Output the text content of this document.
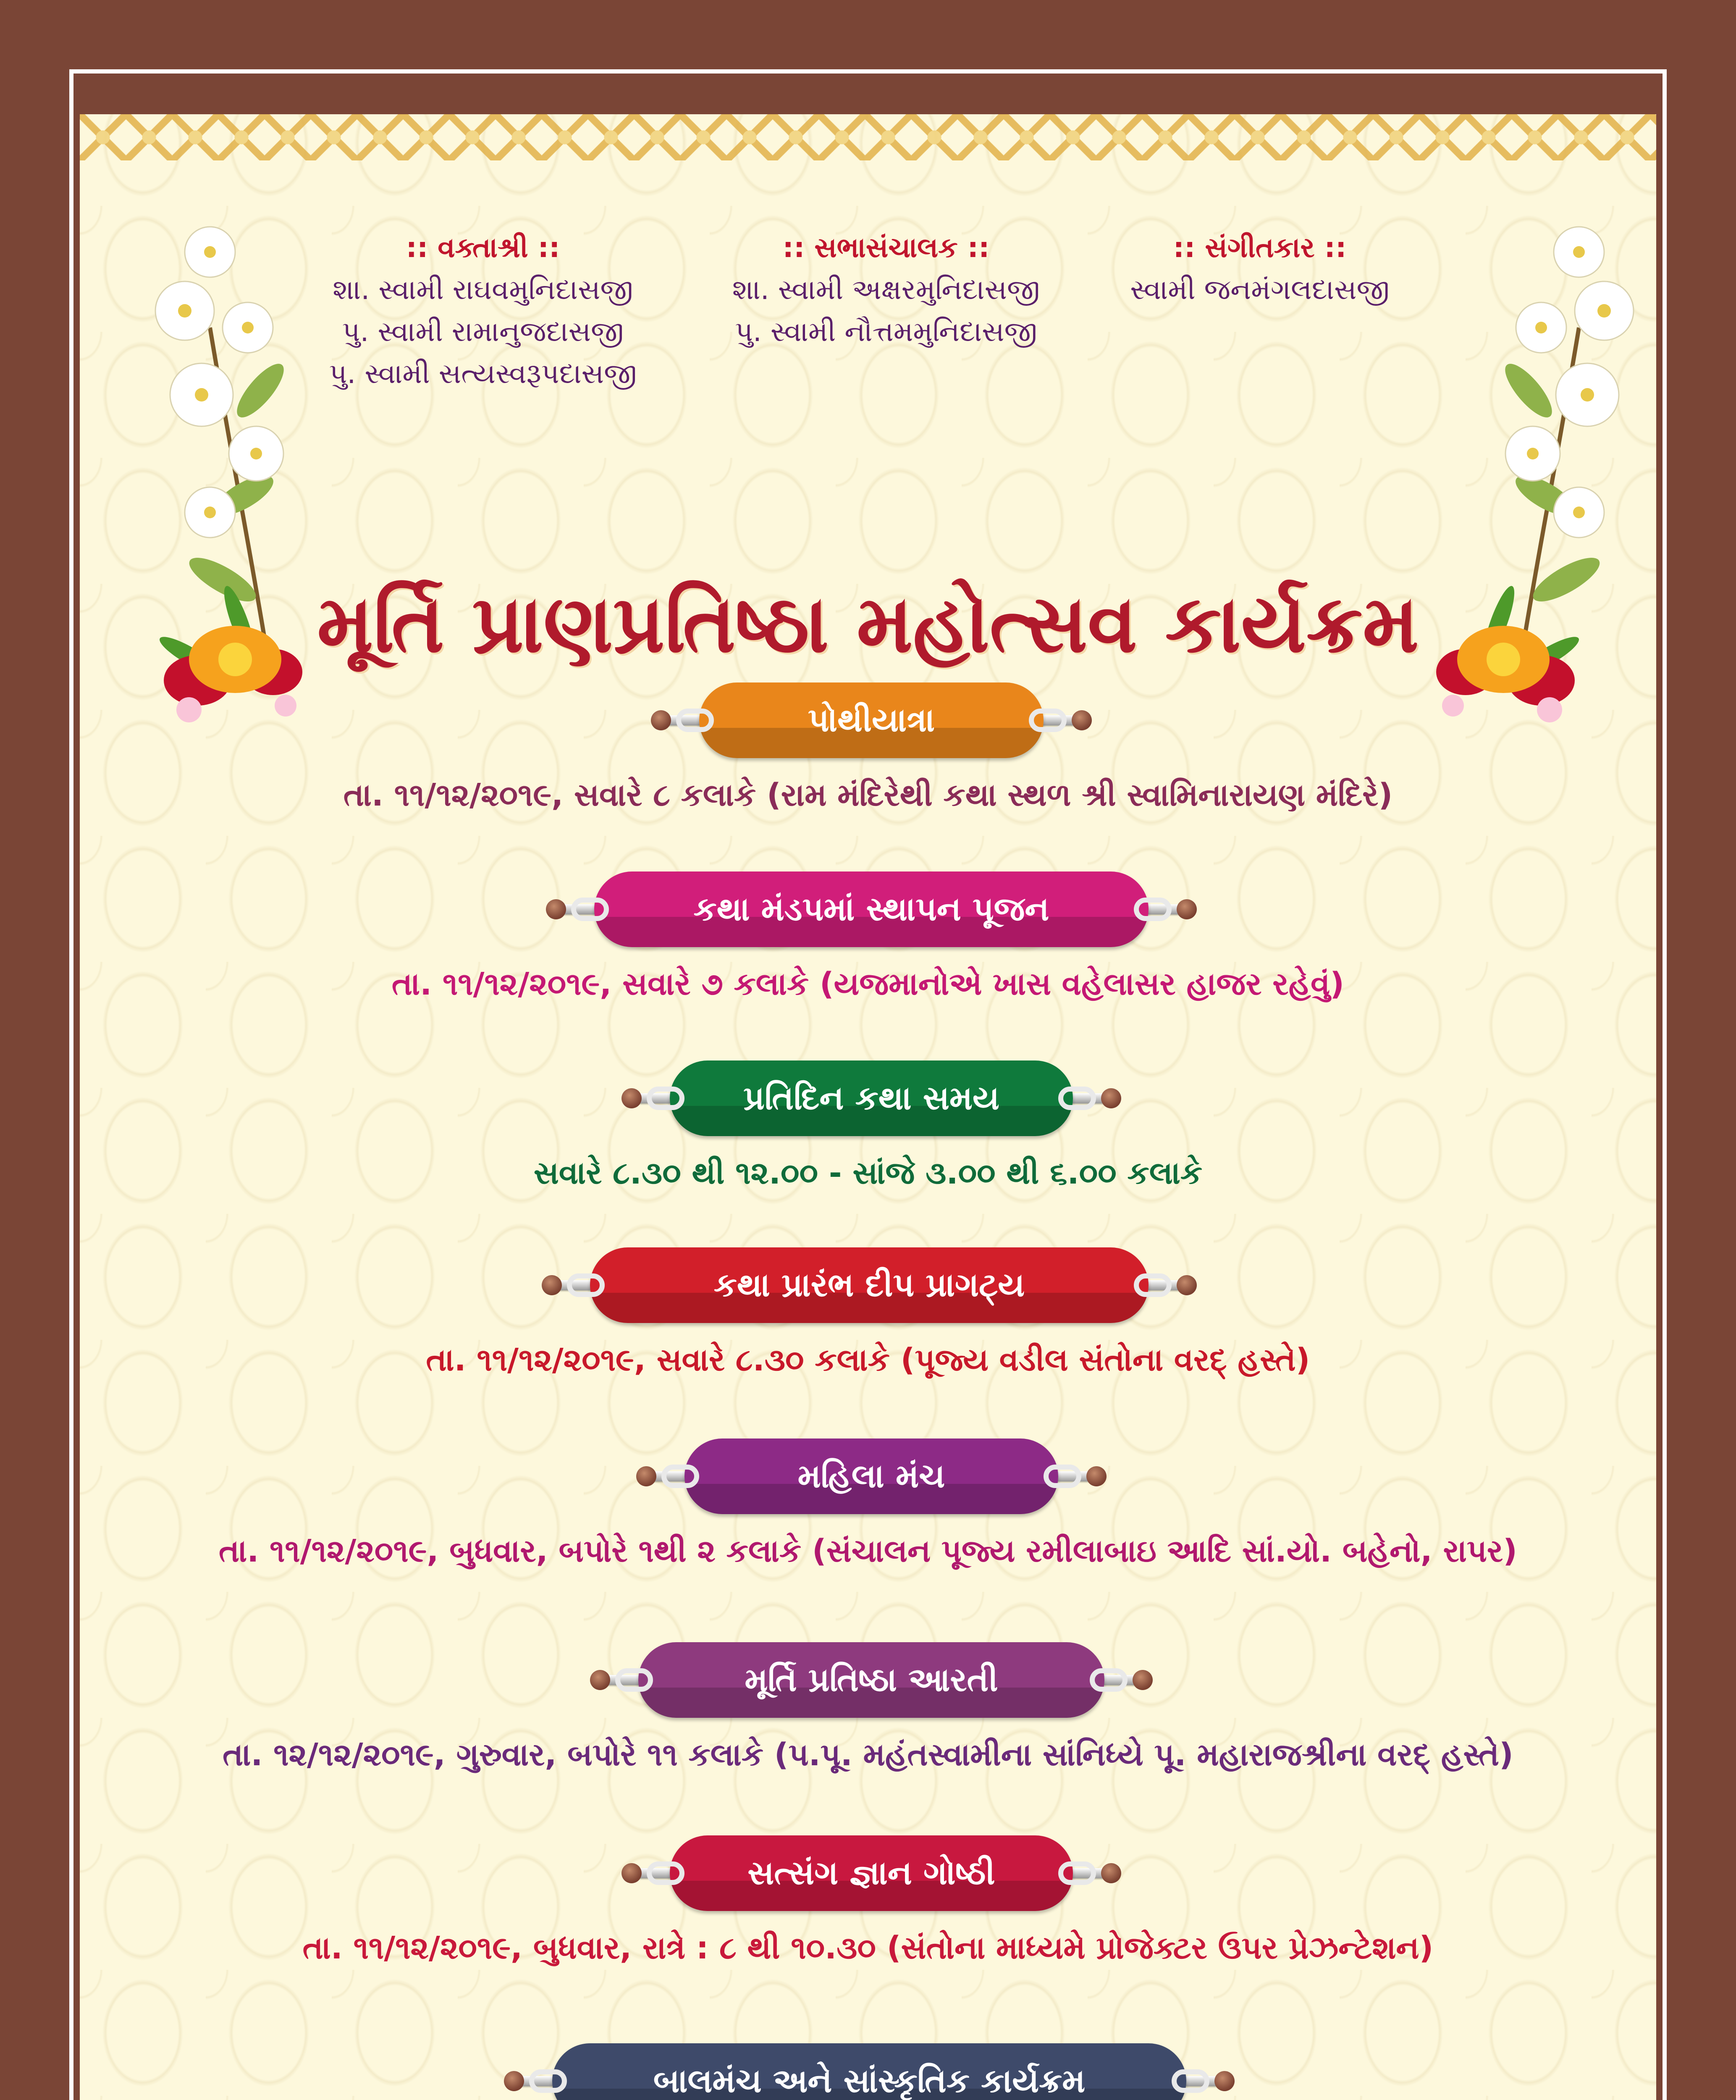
:: વક્તાશ્રી ::
શા. સ્વામી રાઘવમુનિદાસજી
પુ. સ્વામી રામાનુજદાસજી
પુ. સ્વામી સત્યસ્વરૂપદાસજી
:: સભાસંચાલક ::
શા. સ્વામી અક્ષરમુનિદાસજી
પુ. સ્વામી નૌત્તમમુનિદાસજી
:: સંગીતકાર ::
સ્વામી જનમંગલદાસજી
મૂર્તિ પ્રાણપ્રતિષ્ઠા મહોત્સવ કાર્યક્રમ
પોથીયાત્રા
તા. ૧૧/૧૨/૨૦૧૯, સવારે ૮ કલાકે (રામ મંદિરેથી કથા સ્થળ શ્રી સ્વામિનારાયણ મંદિરે)
કથા મંડપમાં સ્થાપન પૂજન
તા. ૧૧/૧૨/૨૦૧૯, સવારે ૭ કલાકે (યજમાનોએ ખાસ વહેલાસર હાજર રહેવું)
પ્રતિદિન કથા સમય
સવારે ૮.૩૦ થી ૧૨.૦૦ - સાંજે ૩.૦૦ થી ૬.૦૦ કલાકે
કથા પ્રારંભ દીપ પ્રાગટ્ય
તા. ૧૧/૧૨/૨૦૧૯, સવારે ૮.૩૦ કલાકે (પૂજ્ય વડીલ સંતોના વરદ્ હસ્તે)
મહિલા મંચ
તા. ૧૧/૧૨/૨૦૧૯, બુધવાર, બપોરે ૧થી ૨ કલાકે (સંચાલન પૂજ્ય રમીલાબાઇ આદિ સાં.યો. બહેનો, રાપર)
મૂર્તિ પ્રતિષ્ઠા આરતી
તા. ૧૨/૧૨/૨૦૧૯, ગુરુવાર, બપોરે ૧૧ કલાકે (પ.પૂ. મહંતસ્વામીના સાંનિધ્યે પૂ. મહારાજશ્રીના વરદ્ હસ્તે)
સત્સંગ જ્ઞાન ગોષ્ઠી
તા. ૧૧/૧૨/૨૦૧૯, બુધવાર, રાત્રે : ૮ થી ૧૦.૩૦ (સંતોના માધ્યમે પ્રોજેક્ટર ઉપર પ્રેઝન્ટેશન)
બાલમંચ અને સાંસ્કૃતિક કાર્યક્રમ
